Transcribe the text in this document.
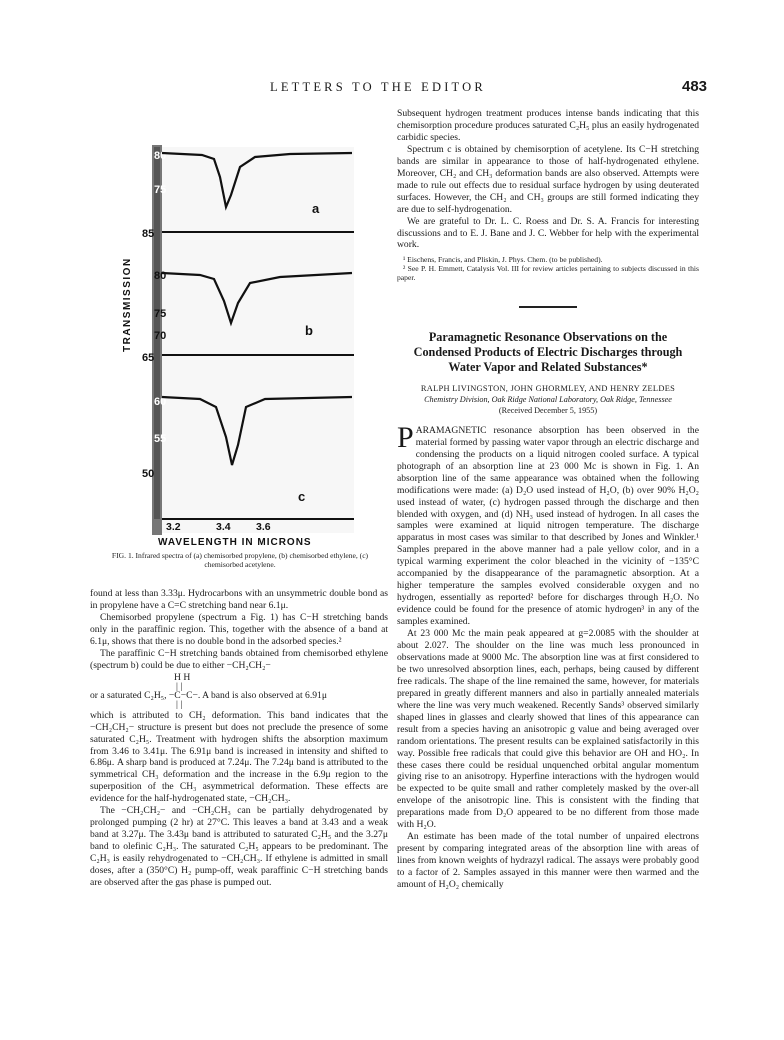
LETTERS TO THE EDITOR	483
80
75
85
a
80
75
70
65
b
TRANSMISSION
60
55
50
c
3.2	3.4 3.6
WAVELENGTH IN MICRONS
FIG. 1. Infrared spectra of (a) chemisorbed propylene, (b) chemisorbed ethylene, (c) chemisorbed acetylene.

found at less than 3.33μ. Hydrocarbons with an unsymmetric double bond as in propylene have a C=C stretching band near 6.1μ.

Chemisorbed propylene (spectrum a Fig. 1) has C−H stretching bands only in the paraffinic region. This, together with the absence of a band at 6.1μ, shows that there is no double bond in the adsorbed species.²

The paraffinic C−H stretching bands obtained from chemisorbed ethylene (spectrum b) could be due to either −CH₂CH₂−

H H
| |
or a saturated C₂H₅, −C−C−. A band is also observed at 6.91μ
| |

which is attributed to CH₂ deformation. This band indicates that the −CH₂CH₂− structure is present but does not preclude the presence of some saturated C₂H₅. Treatment with hydrogen shifts the absorption maximum from 3.46 to 3.41μ. The 6.91μ band is increased in intensity and shifted to 6.86μ. A sharp band is produced at 7.24μ. The 7.24μ band is attributed to the symmetrical CH₃ deformation and the increase in the 6.9μ region to the superposition of the CH₃ asymmetrical deformation. These effects are evidence for the half-hydrogenated state, −CH₂CH₃.

The −CH₂CH₂− and −CH₂CH₃ can be partially dehydrogenated by prolonged pumping (2 hr) at 27°C. This leaves a band at 3.43 and a weak band at 3.27μ. The 3.43μ band is attributed to saturated C₂H₅ and the 3.27μ band to olefinic C₂H₃. The saturated C₂H₅ appears to be predominant. The C₂H₃ is easily rehydrogenated to −CH₂CH₃. If ethylene is admitted in small doses, after a (350°C) H₂ pump-off, weak paraffinic C−H stretching bands are observed after the gas phase is pumped out.

Subsequent hydrogen treatment produces intense bands indicating that this chemisorption procedure produces saturated C₂H₅ plus an easily hydrogenated carbidic species.

Spectrum c is obtained by chemisorption of acetylene. Its C−H stretching bands are similar in appearance to those of half-hydrogenated ethylene. Moreover, CH₂ and CH₃ deformation bands are also observed. Attempts were made to rule out effects due to residual surface hydrogen by using deuterated surfaces. However, the CH₂ and CH₃ groups are still formed indicating they are due to self-hydrogenation.

We are grateful to Dr. L. C. Roess and Dr. S. A. Francis for interesting discussions and to E. J. Bane and J. C. Webber for help with the experimental work.

¹ Eischens, Francis, and Pliskin, J. Phys. Chem. (to be published).
² See P. H. Emmett, Catalysis Vol. III for review articles pertaining to subjects discussed in this paper.
Paramagnetic Resonance Observations on the Condensed Products of Electric Discharges through Water Vapor and Related Substances*
RALPH LIVINGSTON, JOHN GHORMLEY, AND HENRY ZELDES
Chemistry Division, Oak Ridge National Laboratory, Oak Ridge, Tennessee
(Received December 5, 1955)

PARAMAGNETIC resonance absorption has been observed in the material formed by passing water vapor through an electric discharge and condensing the products on a liquid nitrogen cooled surface. A typical photograph of an absorption line at 23 000 Mc is shown in Fig. 1. An absorption line of the same appearance was obtained when the following modifications were made: (a) D₂O used instead of H₂O, (b) over 90% H₂O₂ used instead of water, (c) hydrogen passed through the discharge and then blended with oxygen, and (d) NH₃ used instead of hydrogen. In all cases the samples were examined at liquid nitrogen temperature. The discharge apparatus in most cases was similar to that described by Jones and Winkler.¹ Samples prepared in the above manner had a pale yellow color, and in a typical warming experiment the color bleached in the vicinity of −135°C accompanied by the disappearance of the paramagnetic absorption. At a higher temperature the samples evolved considerable oxygen and no hydrogen, essentially as reported² before for discharges through H₂O. No evidence could be found for the presence of atomic hydrogen³ in any of the samples examined.

At 23 000 Mc the main peak appeared at g=2.0085 with the shoulder at about 2.027. The shoulder on the line was much less pronounced in observations made at 9000 Mc. The absorption line was at first considered to be two unresolved absorption lines, each, perhaps, being caused by different free radicals. The shape of the line remained the same, however, for materials prepared in greatly different manners and also in partially annealed materials where the line was very much weakened. Recently Sands³ observed similarly shaped lines in glasses and clearly showed that lines of this appearance can result from a species having an anisotropic g value and being averaged over random orientations. The present results can be explained satisfactorily in this way. Possible free radicals that could give this behavior are OH and HO₂. In these cases there could be residual unquenched orbital angular momentum giving rise to an anisotropy. Hyperfine interactions with the hydrogen would be expected to be quite small and rather completely masked by the over-all envelope of the anisotropic line. This is consistent with the finding that preparations made from D₂O appeared to be no different from those made with H₂O.

An estimate has been made of the total number of unpaired electrons present by comparing integrated areas of the absorption line with areas of lines from known weights of hydrazyl radical. The assays were probably good to a factor of 2. Samples assayed in this manner were then warmed and the amount of H₂O₂ chemically
